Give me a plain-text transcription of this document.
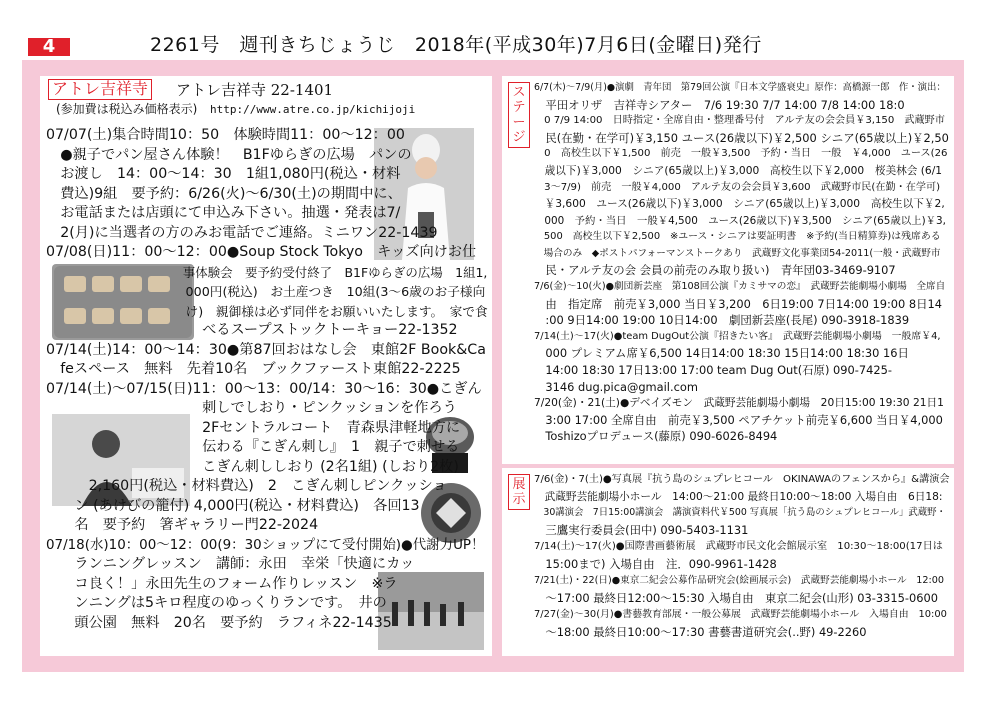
4	2261号　週刊きちじょうじ　2018年(平成30年)7月6日(金曜日)発行
アトレ吉祥寺 アトレ吉祥寺 22-1401
(参加費は税込み価格表示) http://www.atre.co.jp/kichijoji
07/07(土)集合時間10：50　体験時間11：00～12：00
　●親子でパン屋さん体験！　B1Fゆらぎの広場　パンの
　お渡し　14：00～14：30　1組1,080円(税込・材料
　費込)9組　要予約：6/26(火)～6/30(土)の期間中に、
　お電話または店頭にて申込み下さい。抽選・発表は7/
　2(月)に当選者の方のみお電話でご連絡。ミニワン22-1439
07/08(日)11：00～12：00●Soup Stock Tokyo　キッズ向けお仕
　　　　　　　　　　　事体験会　要予約受付終了　B1Fゆらぎの広場　1組1,
　　　　　　　　　　　000円(税込)　お土産つき　10組(3～6歳のお子様向
　　　　　　　　　　　け)　親御様は必ず同伴をお願いいたします。　家で食
　　　　　　　　　　　べるスープストックトーキョー22-1352
07/14(土)14：00～14：30●第87回おはなし会　東館2F Book&Ca
　feスペース　無料　先着10名　ブックファースト東館22-2225
07/14(土)～07/15(日)11：00～13：00/14：30～16：30●こぎん
　　　　　　　　　　　刺しでしおり・ピンクッションを作ろう
　　　　　　　　　　　2Fセントラルコート　青森県津軽地方に
　　　　　　　　　　　伝わる『こぎん刺し』　1　親子で刺せる
　　　　　　　　　　　こぎん刺ししおり (2名1組) (しおり2枚)
　　　2,160円(税込・材料費込)　2　こぎん刺しピンクッショ
　　ン (あけびの籠付) 4,000円(税込・材料費込)　各回13
　　名　要予約　箸ギャラリー門22-2024
07/18(水)10：00～12：00(9：30ショップにて受付開始)●代謝力UP！
　　ランニングレッスン　講師：永田　幸栄「快適にカッ
　　コ良く！」永田先生のフォーム作りレッスン　※ラ
　　ンニングは5キロ程度のゆっくりランです。　井の
　　頭公園　無料　20名　要予約　ラフィネ22-1435
ス
テ
ー
ジ
6/7(木)～7/9(月)●演劇　青年団　第79回公演『日本文学盛衰史』原作：高橋源一郎　作・演出：
　平田オリザ　吉祥寺シアター　7/6 19:30 7/7 14:00 7/8 14:00 18:0
　0 7/9 14:00　日時指定・全席自由・整理番号付　アルテ友の会会員￥3,150　武蔵野市
　民(在勤・在学可)￥3,150 ユース(26歳以下)￥2,500 シニア(65歳以上)￥2,50
　0　高校生以下￥1,500　前売　一般￥3,500　予約・当日　一般　￥4,000　ユース(26
　歳以下)￥3,000　シニア(65歳以上)￥3,000　高校生以下￥2,000　桜美林会 (6/1
　3～7/9)　前売　一般￥4,000　アルテ友の会会員￥3,600　武蔵野市民(在勤・在学可)
　￥3,600　ユース(26歳以下)￥3,000　シニア(65歳以上)￥3,000　高校生以下￥2,
　000　予約・当日　一般￥4,500　ユース(26歳以下)￥3,500　シニア(65歳以上)￥3,
　500　高校生以下￥2,500　※ユース・シニアは要証明書　※予約(当日精算券)は残席ある
　場合のみ　◆ポストパフォーマンストークあり　武蔵野文化事業団54-2011(一般・武蔵野市
　民・アルテ友の会 会員の前売のみ取り扱い)　青年団03-3469-9107
7/6(金)～10(火)●劇団新芸座　第108回公演『カミサマの恋』　武蔵野芸能劇場小劇場　全席自
　由　指定席　前売￥3,000 当日￥3,200　6日19:00 7日14:00 19:00 8日14
　:00 9日14:00 19:00 10日14:00　劇団新芸座(長尾) 090-3918-1839
7/14(土)～17(火)●team DugOut公演『招きたい客』　武蔵野芸能劇場小劇場　一般席￥4,
　000 プレミアム席￥6,500 14日14:00 18:30 15日14:00 18:30 16日
　14:00 18:30 17日13:00 17:00 team Dug Out(石原) 090-7425-
　3146 dug.pica@gmail.com
7/20(金)・21(土)●デベイズモン　武蔵野芸能劇場小劇場　20日15:00 19:30 21日1
　3:00 17:00 全席自由　前売￥3,500 ペアチケット前売￥6,600 当日￥4,000
　Toshizoプロデュース(藤原) 090-6026-8494
展
示
7/6(金)・7(土)●写真展『抗う島のシュプレヒコール　OKINAWAのフェンスから』&講演会
　武蔵野芸能劇場小ホール　14:00～21:00 最終日10:00～18:00 入場自由　6日18:
　30講演会　7日15:00講演会　講演資料代￥500 写真展「抗う島のシュプレヒコール」武蔵野・
　三鷹実行委員会(田中) 090-5403-1131
7/14(土)～17(火)●国際書画藝術展　武蔵野市民文化会館展示室　10:30～18:00(17日は
　15:00まで) 入場自由　注．090-9961-1428
7/21(土)・22(日)●東京二紀会公募作品研究会(絵画展示会)　武蔵野芸能劇場小ホール　12:00
　～17:00 最終日12:00～15:30 入場自由　東京二紀会(山形) 03-3315-0600
7/27(金)～30(月)●書藝教育部展・一般公募展　武蔵野芸能劇場小ホール　入場自由　10:00
　～18:00 最終日10:00～17:30 書藝書道研究会(..野) 49-2260
